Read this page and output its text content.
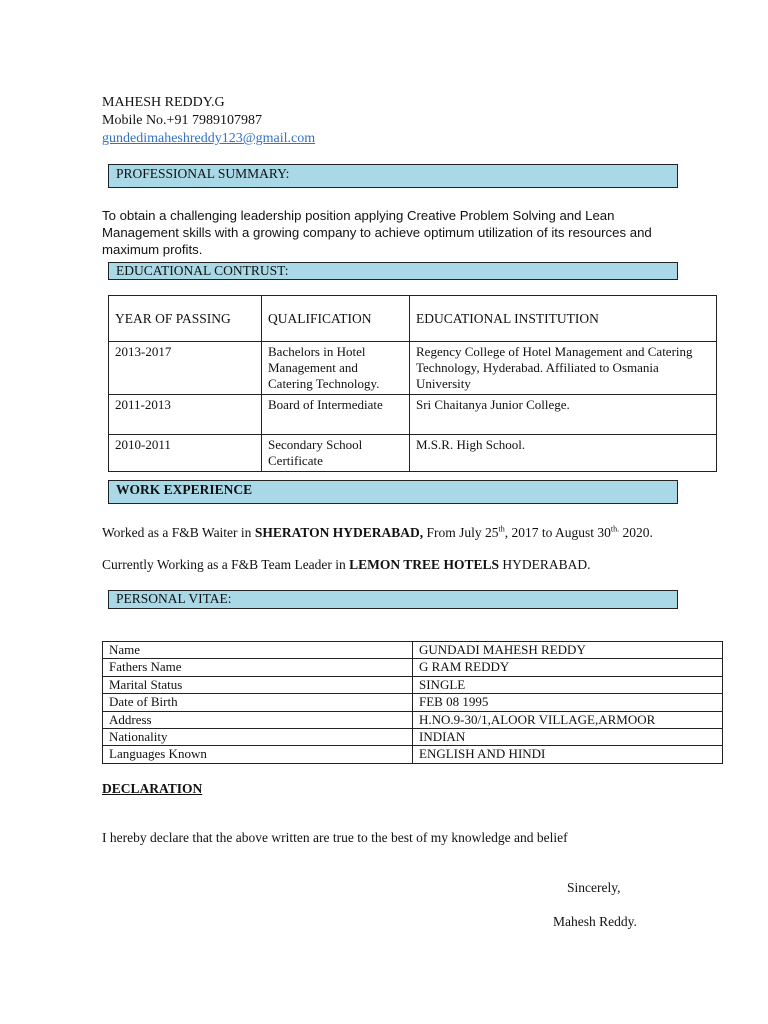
MAHESH REDDY.G
Mobile No.+91 7989107987
gundedimaheshreddy123@gmail.com
PROFESSIONAL SUMMARY:
To obtain a challenging leadership position applying Creative Problem Solving and Lean Management skills with a growing company to achieve optimum utilization of its resources and maximum profits.
EDUCATIONAL CONTRUST:
YEAR OF PASSING	QUALIFICATION	EDUCATIONAL INSTITUTION
2013-2017	Bachelors in Hotel Management and Catering Technology.	Regency College of Hotel Management and Catering Technology, Hyderabad. Affiliated to Osmania University
2011-2013	Board of Intermediate	Sri Chaitanya Junior College.
2010-2011	Secondary School Certificate	M.S.R. High School.
WORK EXPERIENCE
Worked as a F&B Waiter in SHERATON HYDERABAD, From July 25th, 2017 to August $30^{th.}$ 2020.
Currently Working as a F&B Team Leader in LEMON TREE HOTELS HYDERABAD.
PERSONAL VITAE:
Name	GUNDADI MAHESH REDDY
Fathers Name	G RAM REDDY
Marital Status	SINGLE
Date of Birth	FEB 08 1995
Address	H.NO.9-30/1,ALOOR VILLAGE,ARMOOR
Nationality	INDIAN
Languages Known	ENGLISH AND HINDI
DECLARATION
I hereby declare that the above written are true to the best of my knowledge and belief
Sincerely,
Mahesh Reddy.
